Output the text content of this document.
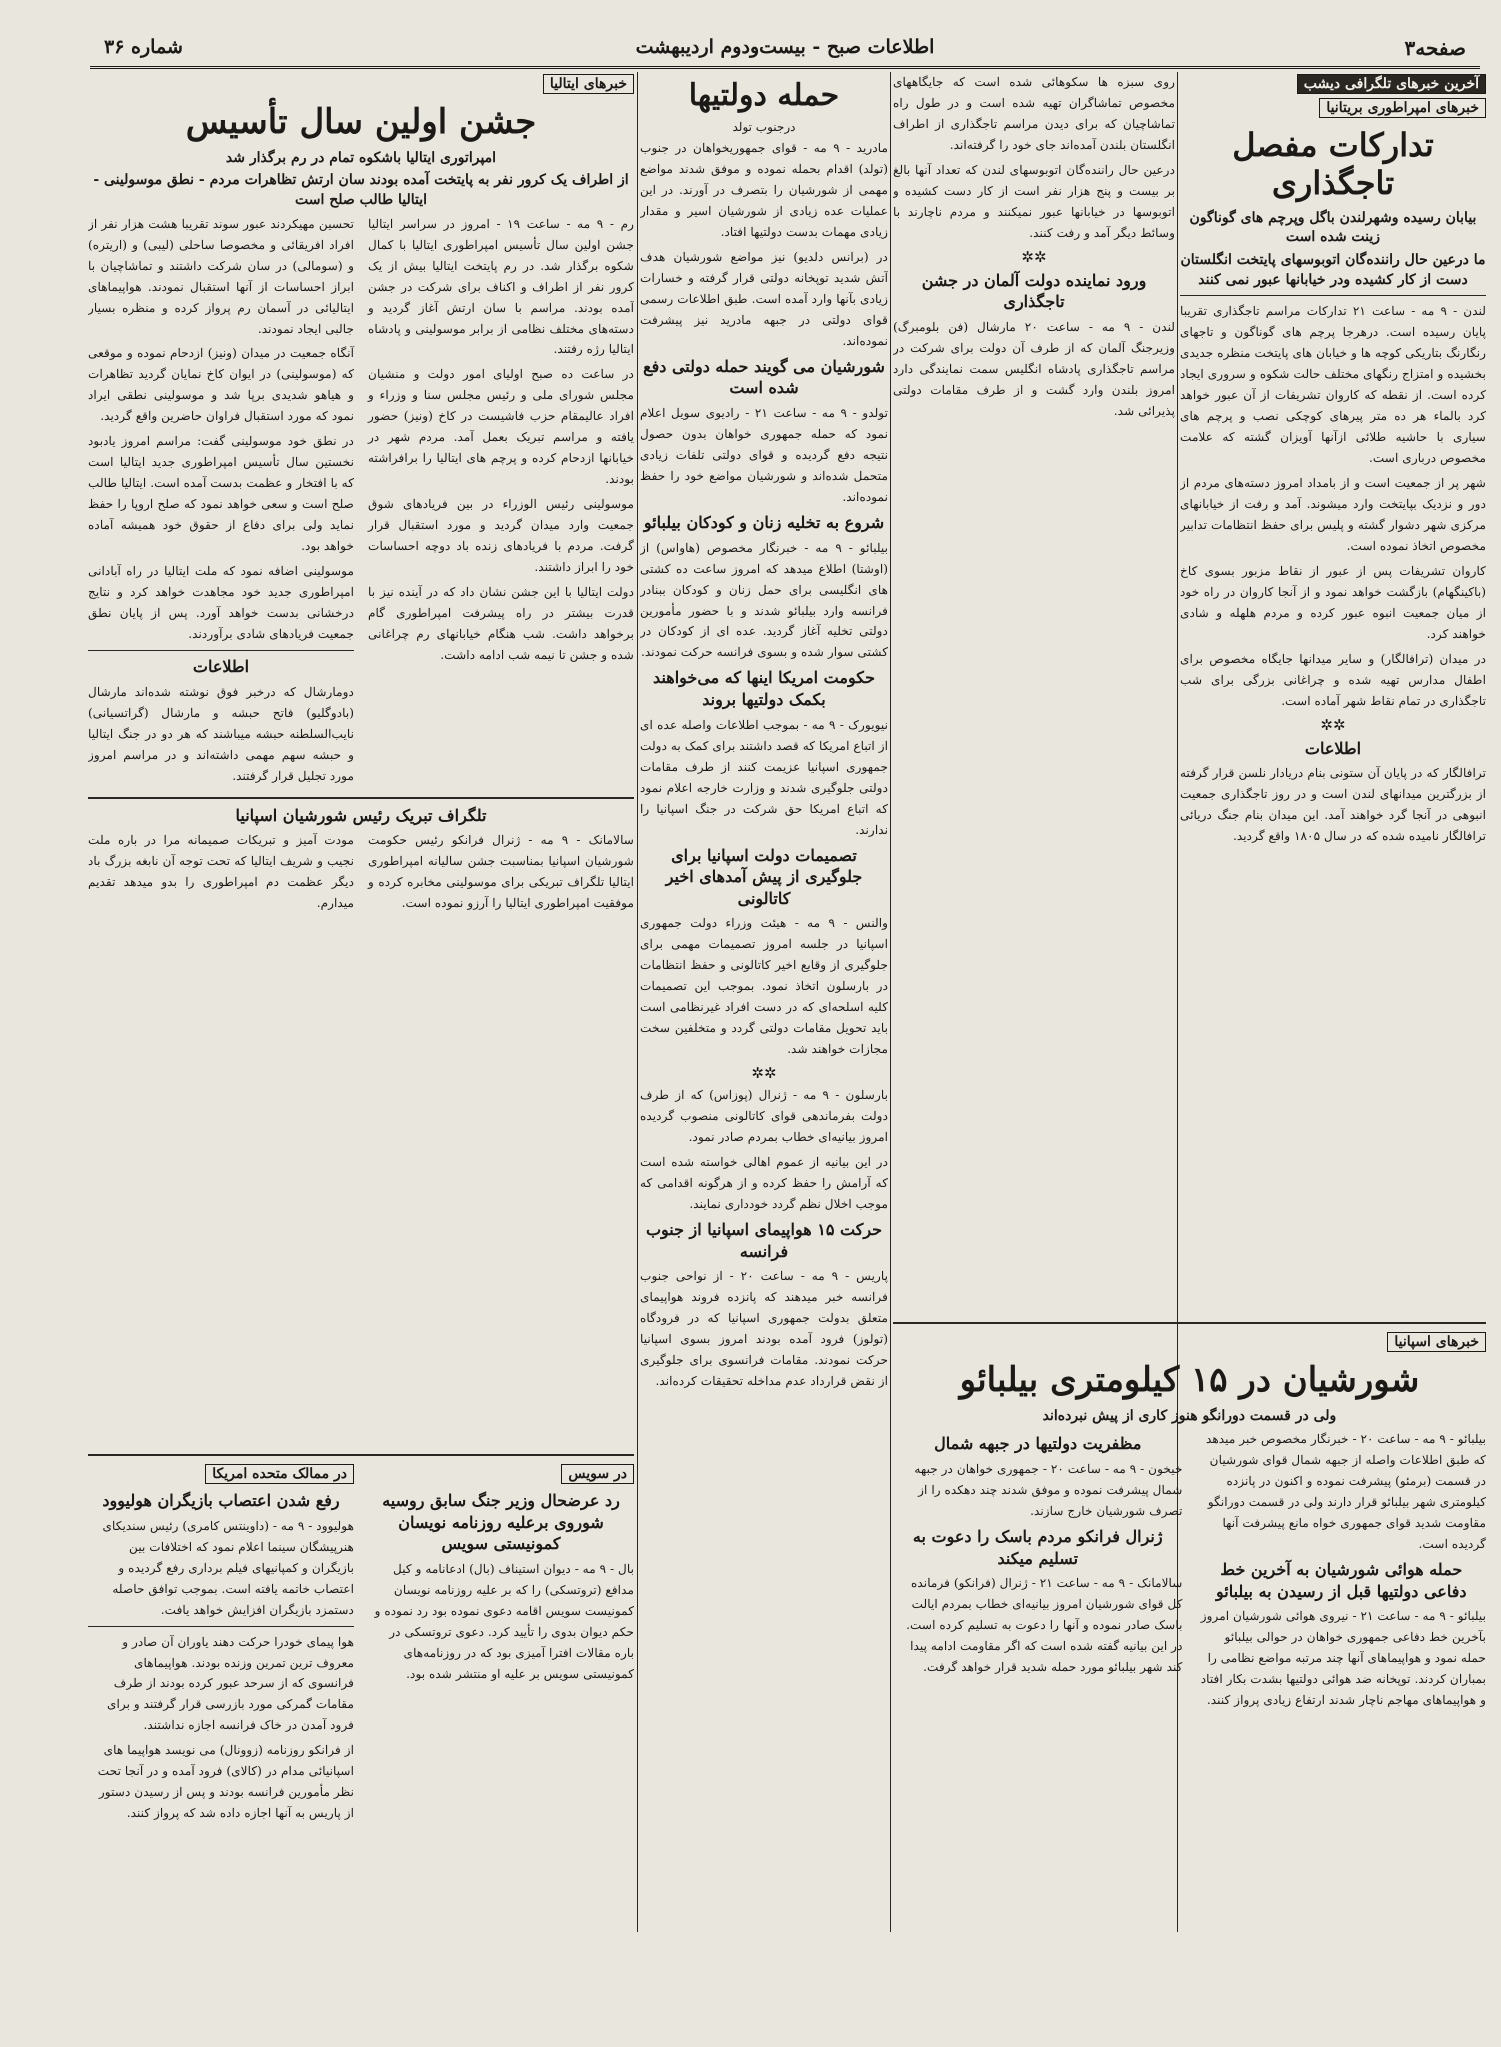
صفحه۳
اطلاعات صبح - بیست‌ودوم اردیبهشت
شماره ۳۶
آخرین خبرهای تلگرافی دیشب
خبرهای امپراطوری بریتانیا
تدارکات مفصل تاجگذاری
بیابان رسیده وشهرلندن باگل وپرچم های گوناگون زینت شده است
ما درعین حال راننده‌گان اتوبوسهای پایتخت انگلستان دست از کار کشیده ودر خیابانها عبور نمی کنند

لندن - ۹ مه - ساعت ۲۱ تدارکات مراسم تاجگذاری تقریبا پایان رسیده است. درهرجا پرچم های گوناگون و تاجهای رنگارنگ بتاریکی کوچه ها و خیابان های پایتخت منظره جدیدی بخشیده و امتزاج رنگهای مختلف حالت شکوه و سروری ایجاد کرده است. از نقطه که کاروان تشریفات از آن عبور خواهد کرد بالماء هر ده متر پیرهای کوچکی نصب و پرچم های سیاری با حاشیه طلائی ازآنها آویزان گشته که علامت مخصوص درباری است.

شهر پر از جمعیت است و از بامداد امروز دسته‌های مردم از دور و نزدیک بپایتخت وارد میشوند. آمد و رفت از خیابانهای مرکزی شهر دشوار گشته و پلیس برای حفظ انتظامات تدابیر مخصوص اتخاذ نموده است.

کاروان تشریفات پس از عبور از نقاط مزبور بسوی کاخ (باکینگهام) بازگشت خواهد نمود و از آنجا کاروان در راه خود از میان جمعیت انبوه عبور کرده و مردم هلهله و شادی خواهند کرد.

در میدان (ترافالگار) و سایر میدانها جایگاه مخصوص برای اطفال مدارس تهیه شده و چراغانی بزرگی برای شب تاجگذاری در تمام نقاط شهر آماده است.

✲✲
اطلاعات

ترافالگار که در پایان آن ستونی بنام دریادار نلسن قرار گرفته از بزرگترین میدانهای لندن است و در روز تاجگذاری جمعیت انبوهی در آنجا گرد خواهند آمد. این میدان بنام جنگ دریائی ترافالگار نامیده شده که در سال ۱۸۰۵ واقع گردید.

روی سبزه ها سکوهائی شده است که جایگاههای مخصوص تماشاگران تهیه شده است و در طول راه تماشاچیان که برای دیدن مراسم تاجگذاری از اطراف انگلستان بلندن آمده‌اند جای خود را گرفته‌اند.

درعین حال راننده‌گان اتوبوسهای لندن که تعداد آنها بالغ بر بیست و پنج هزار نفر است از کار دست کشیده و اتوبوسها در خیابانها عبور نمیکنند و مردم ناچارند با وسائط دیگر آمد و رفت کنند.

✲✲
ورود نماینده دولت آلمان در جشن تاجگذاری

لندن - ۹ مه - ساعت ۲۰ مارشال (فن بلومبرگ) وزیرجنگ آلمان که از طرف آن دولت برای شرکت در مراسم تاجگذاری پادشاه انگلیس سمت نمایندگی دارد امروز بلندن وارد گشت و از طرف مقامات دولتی پذیرائی شد.

خبرهای اسپانیا
شورشیان در ۱۵ کیلومتری بیلبائو
ولی در قسمت دورانگو هنوز کاری از پیش نبرده‌اند

بیلبائو - ۹ مه - ساعت ۲۰ - خبرنگار مخصوص خبر میدهد که طبق اطلاعات واصله از جبهه شمال قوای شورشیان در قسمت (برمئو) پیشرفت نموده و اکنون در پانزده کیلومتری شهر بیلبائو قرار دارند ولی در قسمت دورانگو مقاومت شدید قوای جمهوری خواه مانع پیشرفت آنها گردیده است.

حمله هوائی شورشیان به آخرین خط دفاعی دولتیها قبل از رسیدن به بیلبائو

بیلبائو - ۹ مه - ساعت ۲۱ - نیروی هوائی شورشیان امروز بآخرین خط دفاعی جمهوری خواهان در حوالی بیلبائو حمله نمود و هواپیماهای آنها چند مرتبه مواضع نظامی را بمباران کردند. توپخانه ضد هوائی دولتیها بشدت بکار افتاد و هواپیماهای مهاجم ناچار شدند ارتفاع زیادی پرواز کنند.

مظفریت دولتیها در جبهه شمال

خیخون - ۹ مه - ساعت ۲۰ - جمهوری خواهان در جبهه شمال پیشرفت نموده و موفق شدند چند دهکده را از تصرف شورشیان خارج سازند.

ژنرال فرانکو مردم باسک را دعوت به تسلیم میکند

سالامانک - ۹ مه - ساعت ۲۱ - ژنرال (فرانکو) فرمانده کل قوای شورشیان امروز بیانیه‌ای خطاب بمردم ایالت باسک صادر نموده و آنها را دعوت به تسلیم کرده است. در این بیانیه گفته شده است که اگر مقاومت ادامه پیدا کند شهر بیلبائو مورد حمله شدید قرار خواهد گرفت.

حمله دولتیها
درجنوب تولد

مادرید - ۹ مه - قوای جمهوریخواهان در جنوب (تولد) اقدام بحمله نموده و موفق شدند مواضع مهمی از شورشیان را بتصرف در آورند. در این عملیات عده زیادی از شورشیان اسیر و مقدار زیادی مهمات بدست دولتیها افتاد.

در (برانس دلدیو) نیز مواضع شورشیان هدف آتش شدید توپخانه دولتی قرار گرفته و خسارات زیادی بآنها وارد آمده است. طبق اطلاعات رسمی قوای دولتی در جبهه مادرید نیز پیشرفت نموده‌اند.

شورشیان می گویند حمله دولتی دفع شده است

تولدو - ۹ مه - ساعت ۲۱ - رادیوی سویل اعلام نمود که حمله جمهوری خواهان بدون حصول نتیجه دفع گردیده و قوای دولتی تلفات زیادی متحمل شده‌اند و شورشیان مواضع خود را حفظ نموده‌اند.

شروع به تخلیه زنان و کودکان بیلبائو

بیلبائو - ۹ مه - خبرنگار مخصوص (هاواس) از (اوشتا) اطلاع میدهد که امروز ساعت ده کشتی های انگلیسی برای حمل زنان و کودکان ببنادر فرانسه وارد بیلبائو شدند و با حضور مأمورین دولتی تخلیه آغاز گردید. عده ای از کودکان در کشتی سوار شده و بسوی فرانسه حرکت نمودند.

حکومت امریکا اینها که می‌خواهند بکمک دولتیها بروند

نیویورک - ۹ مه - بموجب اطلاعات واصله عده ای از اتباع امریکا که قصد داشتند برای کمک به دولت جمهوری اسپانیا عزیمت کنند از طرف مقامات دولتی جلوگیری شدند و وزارت خارجه اعلام نمود که اتباع امریکا حق شرکت در جنگ اسپانیا را ندارند.

تصمیمات دولت اسپانیا برای جلوگیری از پیش آمدهای اخیر کاتالونی

والنس - ۹ مه - هیئت وزراء دولت جمهوری اسپانیا در جلسه امروز تصمیمات مهمی برای جلوگیری از وقایع اخیر کاتالونی و حفظ انتظامات در بارسلون اتخاذ نمود. بموجب این تصمیمات کلیه اسلحه‌ای که در دست افراد غیرنظامی است باید تحویل مقامات دولتی گردد و متخلفین سخت مجازات خواهند شد.

✲✲

بارسلون - ۹ مه - ژنرال (پوزاس) که از طرف دولت بفرماندهی قوای کاتالونی منصوب گردیده امروز بیانیه‌ای خطاب بمردم صادر نمود.

در این بیانیه از عموم اهالی خواسته شده است که آرامش را حفظ کرده و از هرگونه اقدامی که موجب اخلال نظم گردد خودداری نمایند.

حرکت ۱۵ هواپیمای اسپانیا از جنوب فرانسه

پاریس - ۹ مه - ساعت ۲۰ - از نواحی جنوب فرانسه خبر میدهند که پانزده فروند هواپیمای متعلق بدولت جمهوری اسپانیا که در فرودگاه (تولوز) فرود آمده بودند امروز بسوی اسپانیا حرکت نمودند. مقامات فرانسوی برای جلوگیری از نقض قرارداد عدم مداخله تحقیقات کرده‌اند.

خبرهای ایتالیا
جشن اولین سال تأسیس
امپراتوری ایتالیا باشکوه تمام در رم برگذار شد
از اطراف یک کرور نفر به پایتخت آمده بودند سان ارتش تظاهرات مردم - نطق موسولینی - ایتالیا طالب صلح است

رم - ۹ مه - ساعت ۱۹ - امروز در سراسر ایتالیا جشن اولین سال تأسیس امپراطوری ایتالیا با کمال شکوه برگذار شد. در رم پایتخت ایتالیا بیش از یک کرور نفر از اطراف و اکناف برای شرکت در جشن آمده بودند. مراسم با سان ارتش آغاز گردید و دسته‌های مختلف نظامی از برابر موسولینی و پادشاه ایتالیا رژه رفتند.

در ساعت ده صبح اولیای امور دولت و منشیان مجلس شورای ملی و رئیس مجلس سنا و وزراء و افراد عالیمقام حزب فاشیست در کاخ (ونیز) حضور یافته و مراسم تبریک بعمل آمد. مردم شهر در خیابانها ازدحام کرده و پرچم های ایتالیا را برافراشته بودند.

موسولینی رئیس الوزراء در بین فریادهای شوق جمعیت وارد میدان گردید و مورد استقبال قرار گرفت. مردم با فریادهای زنده باد دوچه احساسات خود را ابراز داشتند.

دولت ایتالیا با این جشن نشان داد که در آینده نیز با قدرت بیشتر در راه پیشرفت امپراطوری گام برخواهد داشت. شب هنگام خیابانهای رم چراغانی شده و جشن تا نیمه شب ادامه داشت.

تحسین مهیکردند عبور سوند تقریبا هشت هزار نفر از افراد افریقائی و مخصوصا ساحلی (لیبی) و (اریتره) و (سومالی) در سان شرکت داشتند و تماشاچیان با ابراز احساسات از آنها استقبال نمودند. هواپیماهای ایتالیائی در آسمان رم پرواز کرده و منظره بسیار جالبی ایجاد نمودند.

آنگاه جمعیت در میدان (ونیز) ازدحام نموده و موقعی که (موسولینی) در ایوان کاخ نمایان گردید تظاهرات و هیاهو شدیدی برپا شد و موسولینی نطقی ایراد نمود که مورد استقبال فراوان حاضرین واقع گردید.

در نطق خود موسولینی گفت: مراسم امروز یادبود نخستین سال تأسیس امپراطوری جدید ایتالیا است که با افتخار و عظمت بدست آمده است. ایتالیا طالب صلح است و سعی خواهد نمود که صلح اروپا را حفظ نماید ولی برای دفاع از حقوق خود همیشه آماده خواهد بود.

موسولینی اضافه نمود که ملت ایتالیا در راه آبادانی امپراطوری جدید خود مجاهدت خواهد کرد و نتایج درخشانی بدست خواهد آورد. پس از پایان نطق جمعیت فریادهای شادی برآوردند.

اطلاعات

دومارشال که درخبر فوق نوشته شده‌اند مارشال (بادوگلیو) فاتح حبشه و مارشال (گراتسیانی) نایب‌السلطنه حبشه میباشند که هر دو در جنگ ایتالیا و حبشه سهم مهمی داشته‌اند و در مراسم امروز مورد تجلیل قرار گرفتند.

تلگراف تبریک رئیس شورشیان اسپانیا

سالامانک - ۹ مه - ژنرال فرانکو رئیس حکومت شورشیان اسپانیا بمناسبت جشن سالیانه امپراطوری ایتالیا تلگراف تبریکی برای موسولینی مخابره کرده و موفقیت امپراطوری ایتالیا را آرزو نموده است.

مودت آمیز و تبریکات صمیمانه مرا در باره ملت نجیب و شریف ایتالیا که تحت توجه آن نابغه بزرگ باد دیگر عظمت دم امپراطوری را بدو میدهد تقدیم میدارم.

در سویس
رد عرضحال وزیر جنگ سابق روسیه شوروی برعلیه روزنامه نویسان کمونیستی سویس

بال - ۹ مه - دیوان استیناف (بال) ادعانامه و کیل مدافع (تروتسکی) را که بر علیه روزنامه نویسان کمونیست سویس اقامه دعوی نموده بود رد نموده و حکم دیوان بدوی را تأیید کرد. دعوی تروتسکی در باره مقالات افترا آمیزی بود که در روزنامه‌های کمونیستی سویس بر علیه او منتشر شده بود.

در ممالک متحده امریکا
رفع شدن اعتصاب بازیگران هولیوود

هولیوود - ۹ مه - (داوینتس کامری) رئیس سندیکای هنرپیشگان سینما اعلام نمود که اختلافات بین بازیگران و کمپانیهای فیلم برداری رفع گردیده و اعتصاب خاتمه یافته است. بموجب توافق حاصله دستمزد بازیگران افزایش خواهد یافت.

هوا پیمای خودرا حرکت دهند یاوران آن صادر و معروف ترین تمرین وزنده بودند. هواپیماهای فرانسوی که از سرحد عبور کرده بودند از طرف مقامات گمرکی مورد بازرسی قرار گرفتند و برای فرود آمدن در خاک فرانسه اجازه نداشتند.

از فرانکو روزنامه (زوونال) می نویسد هواپیما های اسپانیائی مدام در (کالای) فرود آمده و در آنجا تحت نظر مأمورین فرانسه بودند و پس از رسیدن دستور از پاریس به آنها اجازه داده شد که پرواز کنند.
